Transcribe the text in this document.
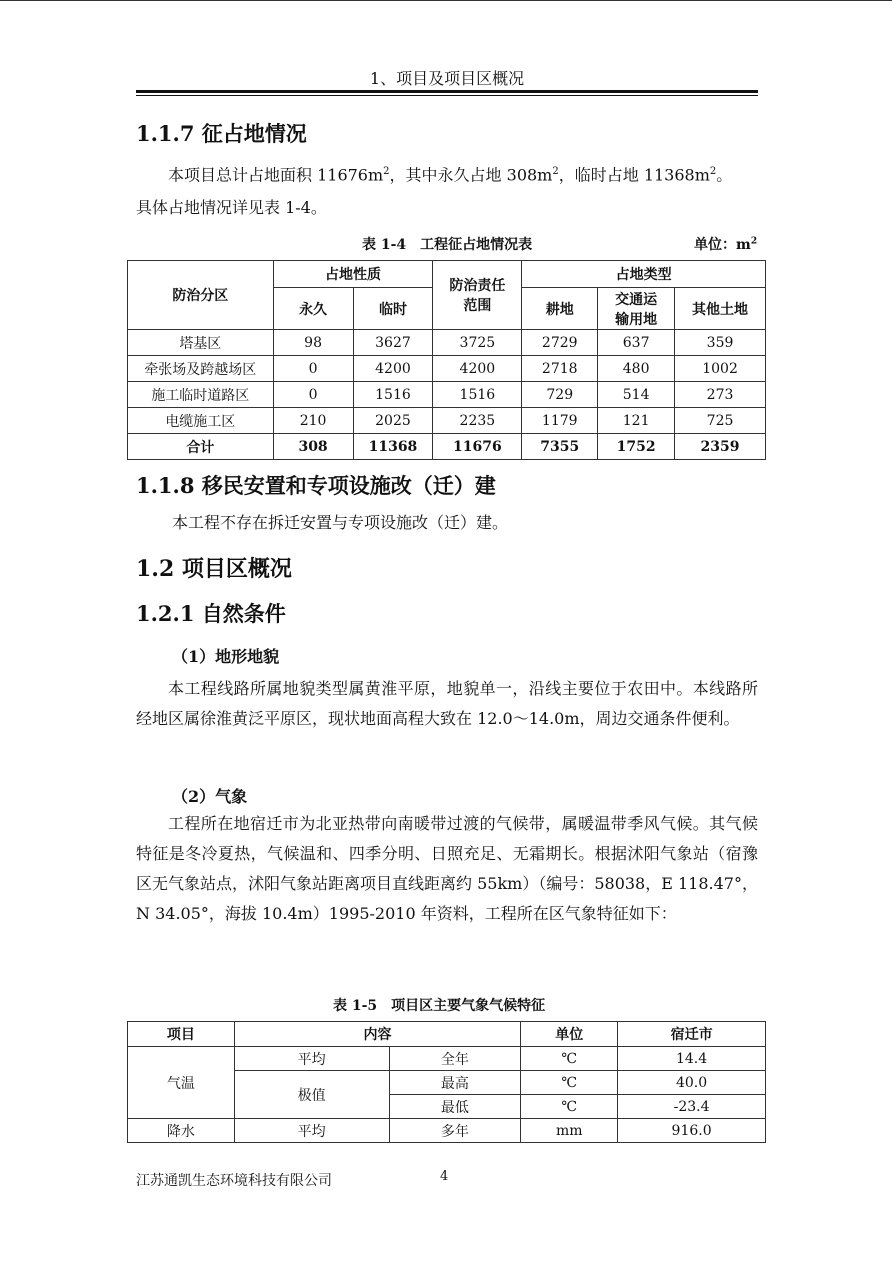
1、项目及项目区概况
1.1.7 征占地情况

本项目总计占地面积 $11676m^2$，其中永久占地 $308m^2$，临时占地 $11368m^2$。

具体占地情况详见表 1-4。
表 1-4　工程征占地情况表	单位：$m^2$
防治分区	占地性质		防治责任范围	占地类型		
	永久	临时		耕地	交通运输用地	其他土地
塔基区	98	3627	3725	2729	637	359
牵张场及跨越场区	0	4200	4200	2718	480	1002
施工临时道路区	0	1516	1516	729	514	273
电缆施工区	210	2025	2235	1179	121	725
合计	308	11368	11676	7355	1752	2359
1.1.8 移民安置和专项设施改（迁）建
本工程不存在拆迁安置与专项设施改（迁）建。
1.2 项目区概况
1.2.1 自然条件
（1）地形地貌

本工程线路所属地貌类型属黄淮平原，地貌单一，沿线主要位于农田中。本线路所经地区属徐淮黄泛平原区，现状地面高程大致在 12.0～14.0m，周边交通条件便利。

（2）气象

工程所在地宿迁市为北亚热带向南暖带过渡的气候带，属暖温带季风气候。其气候特征是冬冷夏热，气候温和、四季分明、日照充足、无霜期长。根据沭阳气象站（宿豫区无气象站点，沭阳气象站距离项目直线距离约 55km）（编号：58038，E 118.47°，N 34.05°，海拔 10.4m）1995-2010 年资料，工程所在区气象特征如下：

表 1-5　项目区主要气象气候特征
项目	内容		单位	宿迁市
气温	平均	全年	℃	14.4
	极值	最高	℃	40.0
		最低	℃	-23.4
降水	平均	多年	mm	916.0
江苏通凯生态环境科技有限公司	4
